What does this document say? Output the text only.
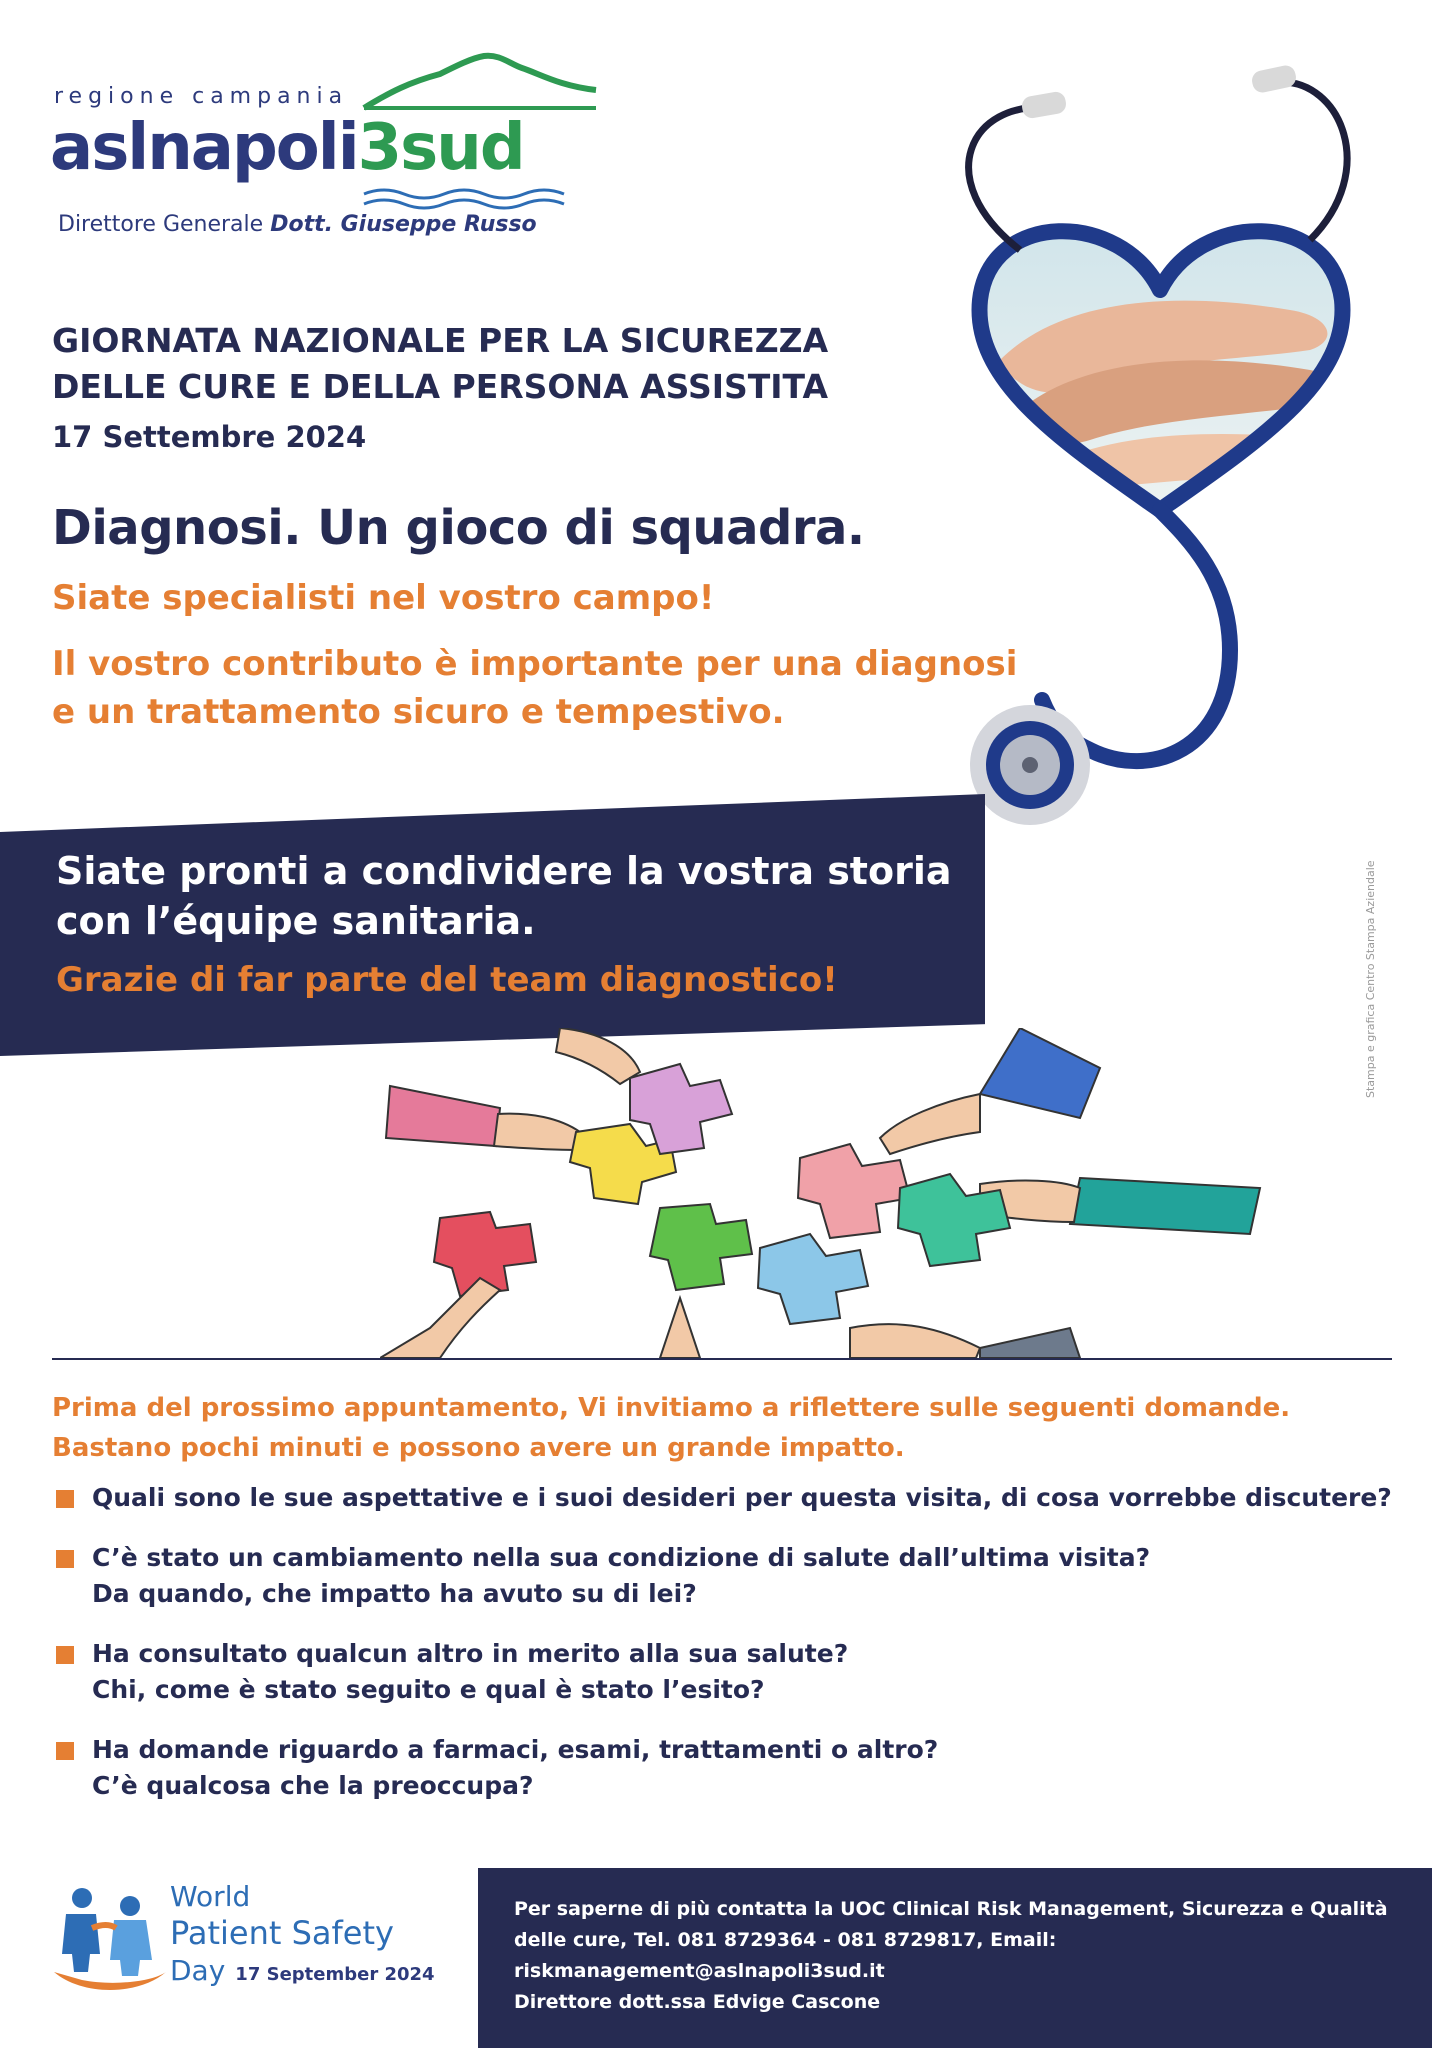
regione campania
aslnapoli3sud
Direttore Generale Dott. Giuseppe Russo
GIORNATA NAZIONALE PER LA SICUREZZA
DELLE CURE E DELLA PERSONA ASSISTITA
17 Settembre 2024
Diagnosi. Un gioco di squadra.
Siate specialisti nel vostro campo!
Il vostro contributo è importante per una diagnosi
e un trattamento sicuro e tempestivo.
Siate pronti a condividere la vostra storia
con l’équipe sanitaria.
Grazie di far parte del team diagnostico!	Stampa e grafica Centro Stampa Aziendale
Prima del prossimo appuntamento, Vi invitiamo a riflettere sulle seguenti domande.
Bastano pochi minuti e possono avere un grande impatto.
Quali sono le sue aspettative e i suoi desideri per questa visita, di cosa vorrebbe discutere?
C’è stato un cambiamento nella sua condizione di salute dall’ultima visita?
Da quando, che impatto ha avuto su di lei?
Ha consultato qualcun altro in merito alla sua salute?
Chi, come è stato seguito e qual è stato l’esito?
Ha domande riguardo a farmaci, esami, trattamenti o altro?
C’è qualcosa che la preoccupa?
World
Patient Safety
Day 17 September 2024
Per saperne di più contatta la UOC Clinical Risk Management, Sicurezza e Qualità
delle cure, Tel. 081 8729364 - 081 8729817, Email: riskmanagement@aslnapoli3sud.it
Direttore dott.ssa Edvige Cascone
